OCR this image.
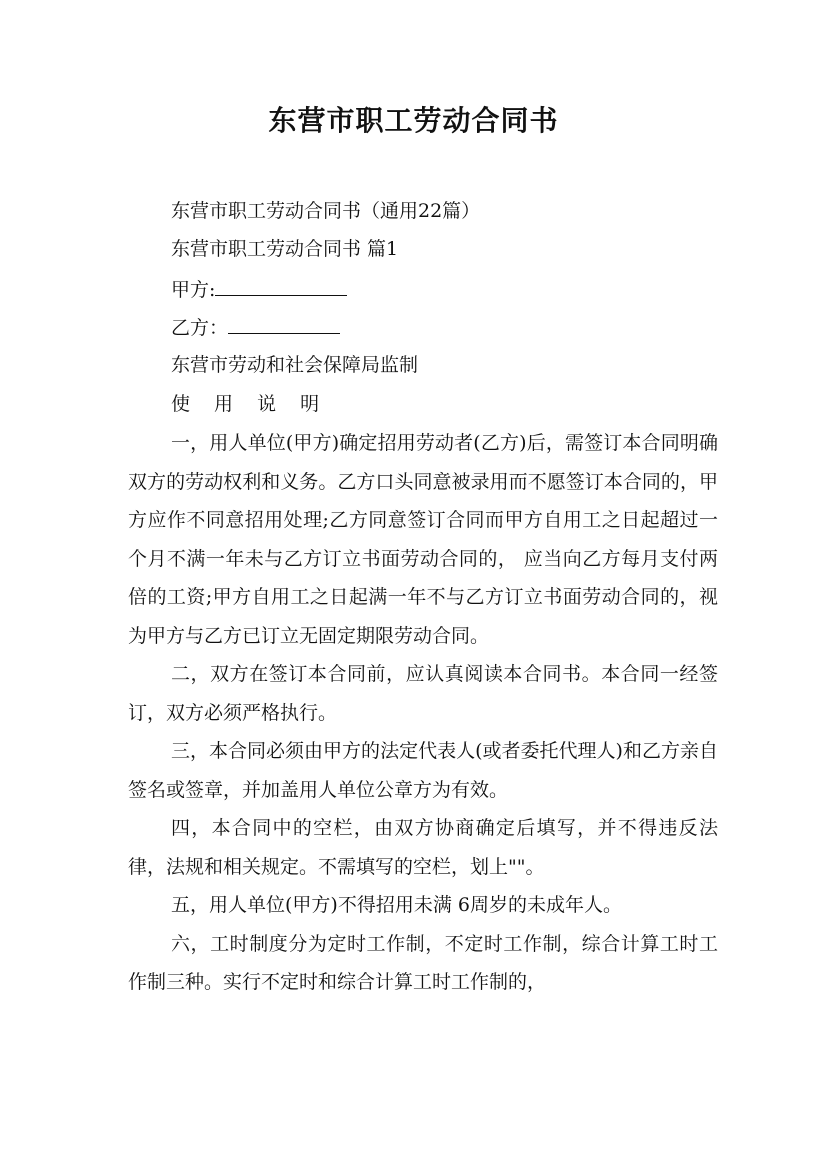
东营市职工劳动合同书

东营市职工劳动合同书（通用22篇）

东营市职工劳动合同书 篇1

甲方:

乙方：

东营市劳动和社会保障局监制

使 用 说 明

一，用人单位(甲方)确定招用劳动者(乙方)后，需签订本合同明确双方的劳动权利和义务。乙方口头同意被录用而不愿签订本合同的，甲方应作不同意招用处理;乙方同意签订合同而甲方自用工之日起超过一个月不满一年未与乙方订立书面劳动合同的， 应当向乙方每月支付两倍的工资;甲方自用工之日起满一年不与乙方订立书面劳动合同的，视为甲方与乙方已订立无固定期限劳动合同。

二，双方在签订本合同前，应认真阅读本合同书。本合同一经签订，双方必须严格执行。

三，本合同必须由甲方的法定代表人(或者委托代理人)和乙方亲自签名或签章，并加盖用人单位公章方为有效。

四，本合同中的空栏，由双方协商确定后填写，并不得违反法律，法规和相关规定。不需填写的空栏，划上""。

五，用人单位(甲方)不得招用未满 6周岁的未成年人。

六，工时制度分为定时工作制，不定时工作制，综合计算工时工作制三种。实行不定时和综合计算工时工作制的，
